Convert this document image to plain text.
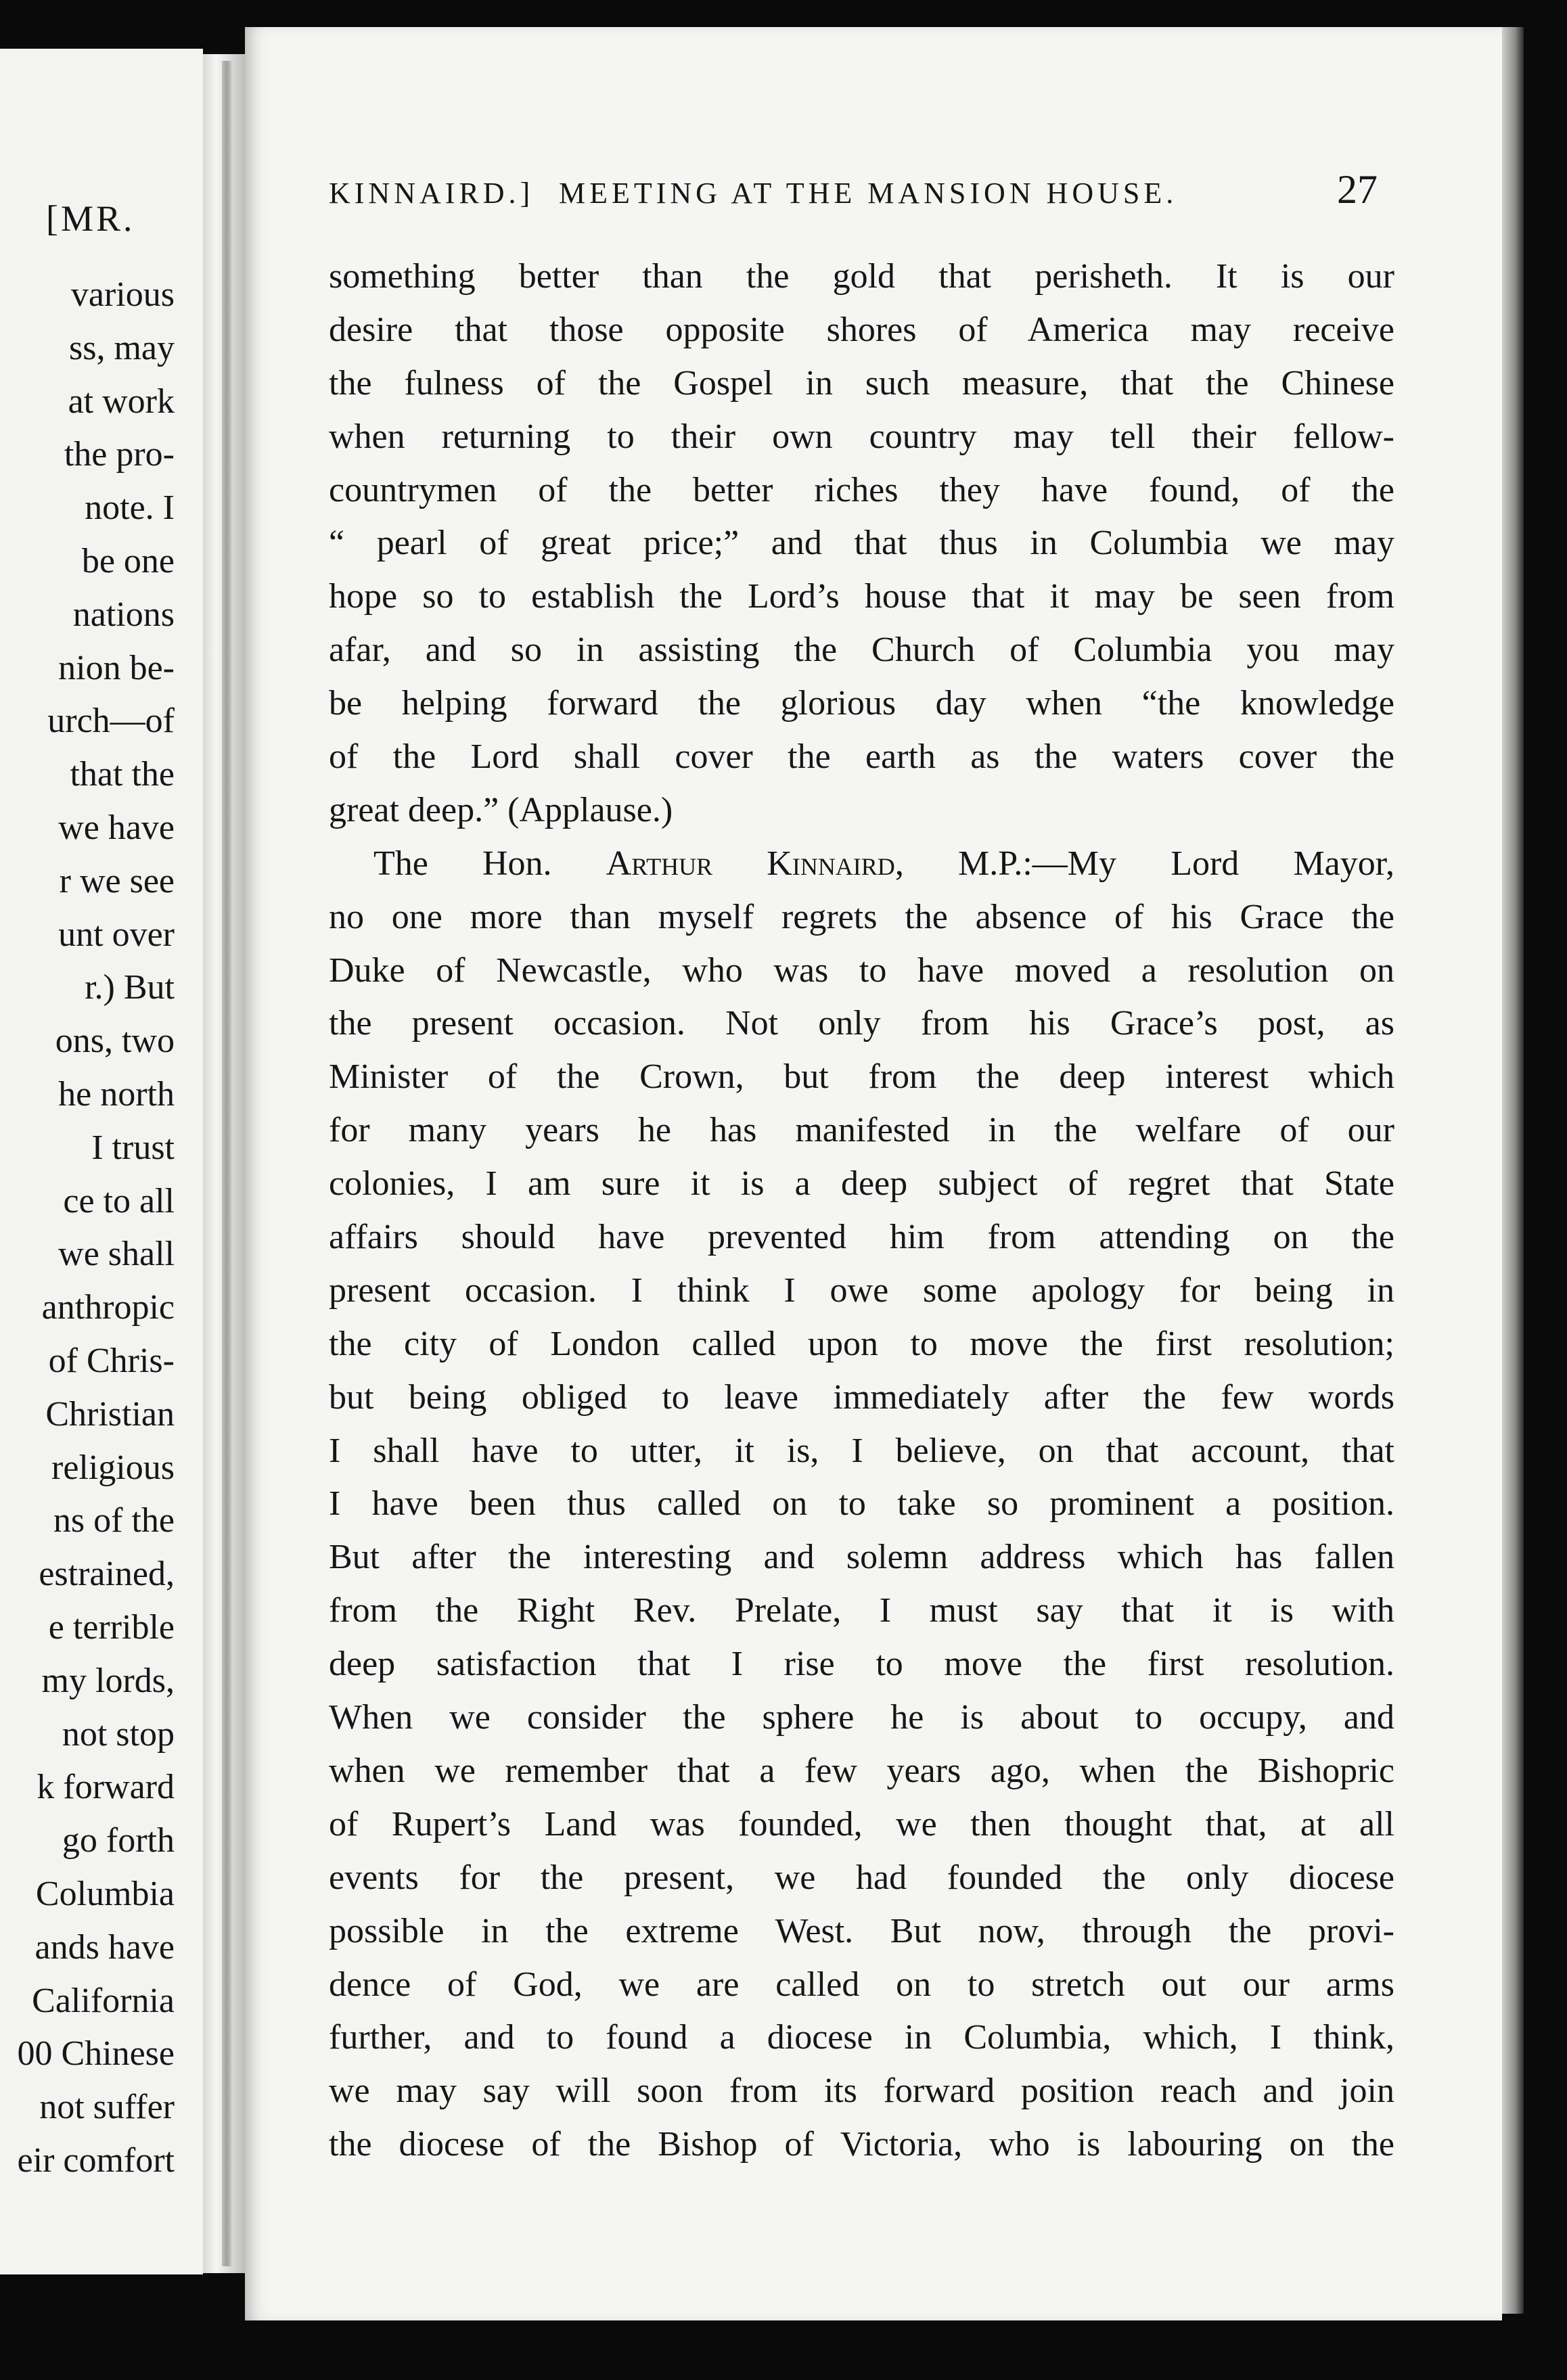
[MR.

various
ss, may
at work
the pro-
note. I
be one
nations
nion be-
urch—of
that the
we have
r we see
unt over
r.) But
ons, two
he north
I trust
ce to all
we shall
anthropic
of Chris-
Christian
religious
ns of the
estrained,
e terrible
my lords,
not stop
k forward
go forth
Columbia
ands have
California
00 Chinese
not suffer
eir comfort
KINNAIRD.] MEETING AT THE MANSION HOUSE.	27
something better than the gold that perisheth. It is our
desire that those opposite shores of America may receive
the fulness of the Gospel in such measure, that the Chinese
when returning to their own country may tell their fellow-
countrymen of the better riches they have found, of the
“ pearl of great price;” and that thus in Columbia we may
hope so to establish the Lord’s house that it may be seen from
afar, and so in assisting the Church of Columbia you may
be helping forward the glorious day when “the knowledge
of the Lord shall cover the earth as the waters cover the
great deep.” (Applause.)
The Hon. Arthur Kinnaird, M.P.:—My Lord Mayor,
no one more than myself regrets the absence of his Grace the
Duke of Newcastle, who was to have moved a resolution on
the present occasion. Not only from his Grace’s post, as
Minister of the Crown, but from the deep interest which
for many years he has manifested in the welfare of our
colonies, I am sure it is a deep subject of regret that State
affairs should have prevented him from attending on the
present occasion. I think I owe some apology for being in
the city of London called upon to move the first resolution;
but being obliged to leave immediately after the few words
I shall have to utter, it is, I believe, on that account, that
I have been thus called on to take so prominent a position.
But after the interesting and solemn address which has fallen
from the Right Rev. Prelate, I must say that it is with
deep satisfaction that I rise to move the first resolution.
When we consider the sphere he is about to occupy, and
when we remember that a few years ago, when the Bishopric
of Rupert’s Land was founded, we then thought that, at all
events for the present, we had founded the only diocese
possible in the extreme West. But now, through the provi-
dence of God, we are called on to stretch out our arms
further, and to found a diocese in Columbia, which, I think,
we may say will soon from its forward position reach and join
the diocese of the Bishop of Victoria, who is labouring on the
